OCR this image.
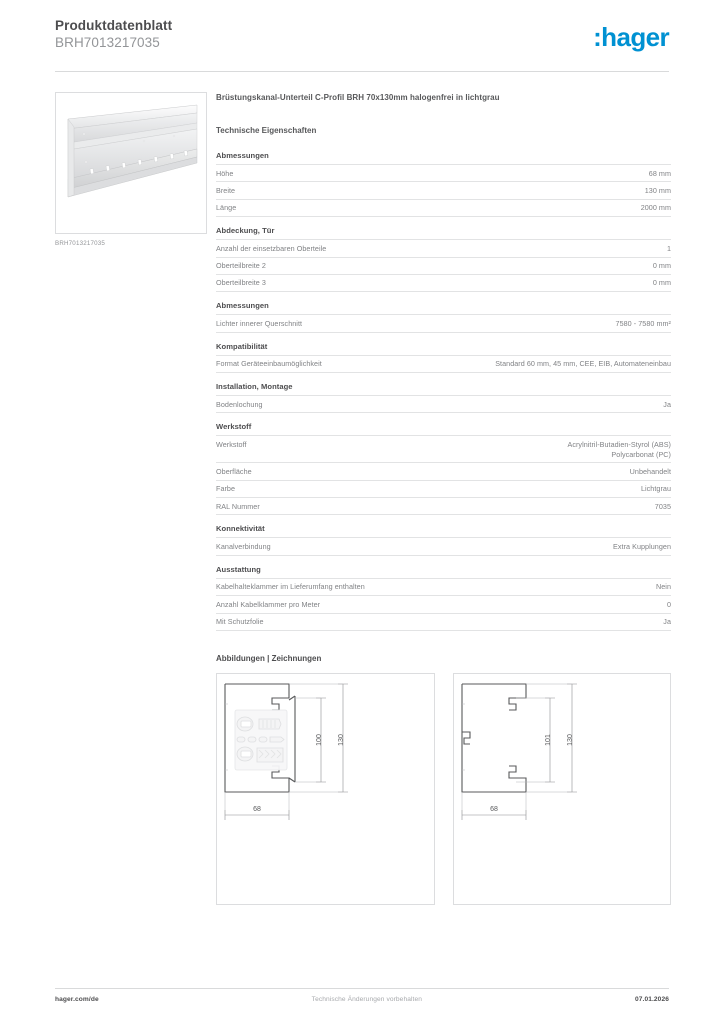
Produktdatenblatt
BRH7013217035	:hager
BRH7013217035
Brüstungskanal-Unterteil C-Profil BRH 70x130mm halogenfrei in lichtgrau
Technische Eigenschaften
Abmessungen
Höhe	68 mm

Breite	130 mm

Länge	2000 mm
Abdeckung, Tür
Anzahl der einsetzbaren Oberteile	1

Oberteilbreite 2	0 mm

Oberteilbreite 3	0 mm
Abmessungen
Lichter innerer Querschnitt	7580 - 7580 mm²
Kompatibilität
Format Geräteeinbaumöglichkeit	Standard 60 mm, 45 mm, CEE, EIB, Automateneinbau
Installation, Montage
Bodenlochung	Ja
Werkstoff
Werkstoff	Acrylnitril-Butadien-Styrol (ABS)
Polycarbonat (PC)

Oberfläche	Unbehandelt

Farbe	Lichtgrau

RAL Nummer	7035
Konnektivität
Kanalverbindung	Extra Kupplungen
Ausstattung
Kabelhalteklammer im Lieferumfang enthalten	Nein

Anzahl Kabelklammer pro Meter	0

Mit Schutzfolie	Ja
Abbildungen | Zeichnungen
100 130
68
101 130
68
hager.com/de	Technische Änderungen vorbehalten	07.01.2026
